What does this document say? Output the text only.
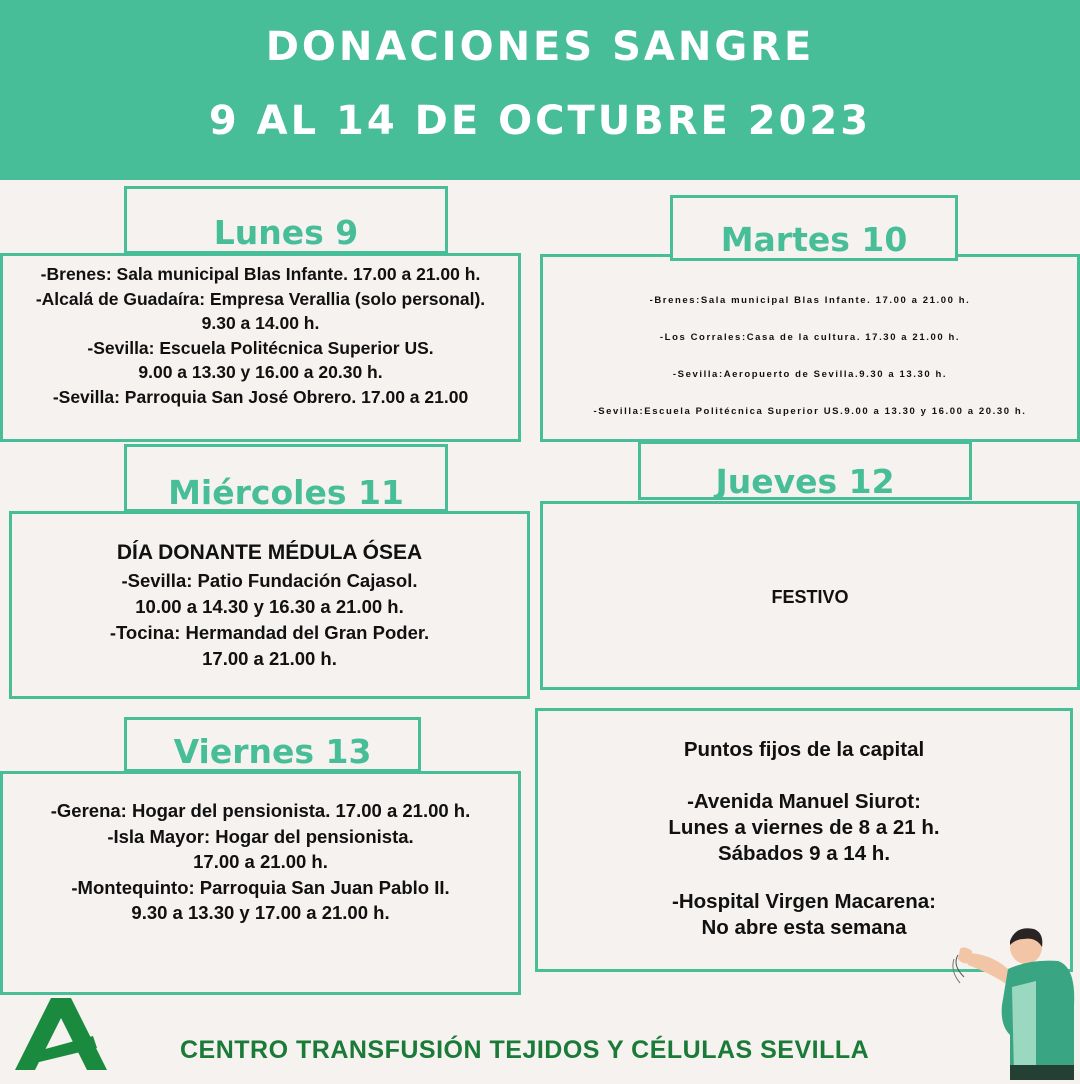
DONACIONES SANGRE
9 AL 14 DE OCTUBRE 2023
-Brenes: Sala municipal Blas Infante. 17.00 a 21.00 h.
-Alcalá de Guadaíra: Empresa Verallia (solo personal).
9.30 a 14.00 h.
-Sevilla: Escuela Politécnica Superior US.
9.00 a 13.30 y 16.00 a 20.30 h.
-Sevilla: Parroquia San José Obrero. 17.00 a 21.00
Lunes 9
-Brenes:Sala municipal Blas Infante. 17.00 a 21.00 h.
-Los Corrales:Casa de la cultura. 17.30 a 21.00 h.
-Sevilla:Aeropuerto de Sevilla.9.30 a 13.30 h.
-Sevilla:Escuela Politécnica Superior US.9.00 a 13.30 y 16.00 a 20.30 h.
Martes 10
DÍA DONANTE MÉDULA ÓSEA
-Sevilla: Patio Fundación Cajasol.
10.00 a 14.30 y 16.30 a 21.00 h.
-Tocina: Hermandad del Gran Poder.
17.00 a 21.00 h.
Miércoles 11
FESTIVO
Jueves 12
-Gerena: Hogar del pensionista. 17.00 a 21.00 h.
-Isla Mayor: Hogar del pensionista.
17.00 a 21.00 h.
-Montequinto: Parroquia San Juan Pablo II.
9.30 a 13.30 y 17.00 a 21.00 h.
Viernes 13	Puntos fijos de la capital
-Avenida Manuel Siurot:
Lunes a viernes de 8 a 21 h.
Sábados 9 a 14 h.
-Hospital Virgen Macarena:
No abre esta semana
CENTRO TRANSFUSIÓN TEJIDOS Y CÉLULAS SEVILLA
